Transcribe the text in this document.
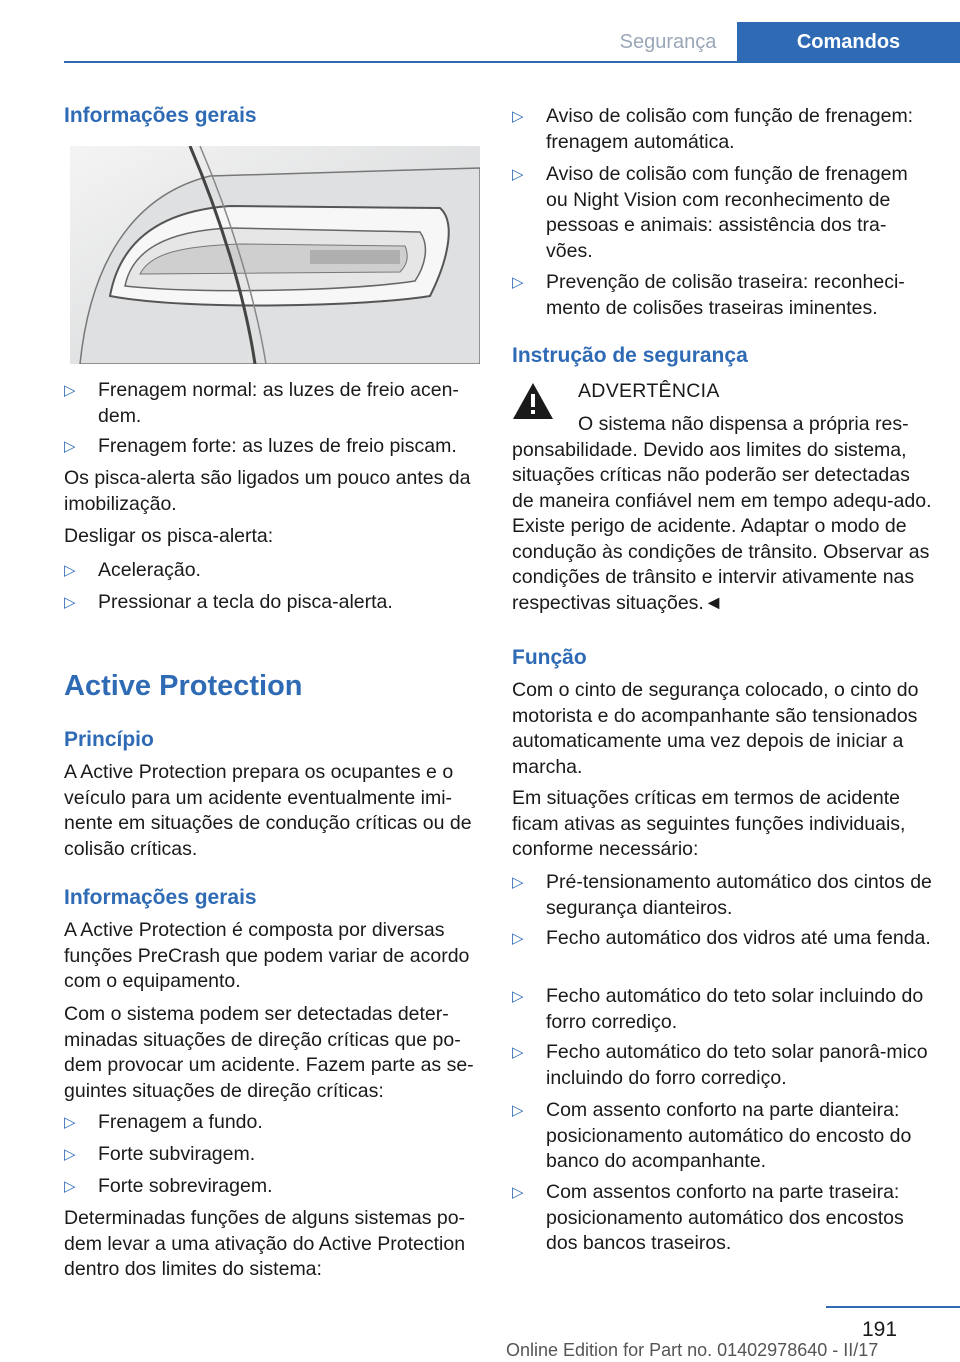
Segurança	Comandos
Informações gerais
▷ Frenagem normal: as luzes de freio acen-dem.
▷ Frenagem forte: as luzes de freio piscam.

Os pisca-alerta são ligados um pouco antes da imobilização.

Desligar os pisca-alerta:

▷ Aceleração.
▷ Pressionar a tecla do pisca-alerta.
Active Protection
Princípio

A Active Protection prepara os ocupantes e o veículo para um acidente eventualmente imi-nente em situações de condução críticas ou de colisão críticas.

Informações gerais

A Active Protection é composta por diversas funções PreCrash que podem variar de acordo com o equipamento.

Com o sistema podem ser detectadas deter-minadas situações de direção críticas que po-dem provocar um acidente. Fazem parte as se-guintes situações de direção críticas:

▷ Frenagem a fundo.
▷ Forte subviragem.
▷ Forte sobreviragem.

Determinadas funções de alguns sistemas po-dem levar a uma ativação do Active Protection dentro dos limites do sistema:

▷ Aviso de colisão com função de frenagem: frenagem automática.
▷ Aviso de colisão com função de frenagem ou Night Vision com reconhecimento de pessoas e animais: assistência dos tra-vões.
▷ Prevenção de colisão traseira: reconheci-mento de colisões traseiras iminentes.
Instrução de segurança
ADVERTÊNCIA

O sistema não dispensa a própria res-ponsabilidade. Devido aos limites do sistema, situações críticas não poderão ser detectadas de maneira confiável nem em tempo adequ-ado. Existe perigo de acidente. Adaptar o modo de condução às condições de trânsito. Observar as condições de trânsito e intervir ativamente nas respectivas situações.◄

Função

Com o cinto de segurança colocado, o cinto do motorista e do acompanhante são tensionados automaticamente uma vez depois de iniciar a marcha.

Em situações críticas em termos de acidente ficam ativas as seguintes funções individuais, conforme necessário:

▷ Pré-tensionamento automático dos cintos de segurança dianteiros.
▷ Fecho automático dos vidros até uma fenda.
▷ Fecho automático do teto solar incluindo do forro corrediço.
▷ Fecho automático do teto solar panorâ-mico incluindo do forro corrediço.
▷ Com assento conforto na parte dianteira: posicionamento automático do encosto do banco do acompanhante.
▷ Com assentos conforto na parte traseira: posicionamento automático dos encostos dos bancos traseiros.
191
Online Edition for Part no. 01402978640 - II/17
